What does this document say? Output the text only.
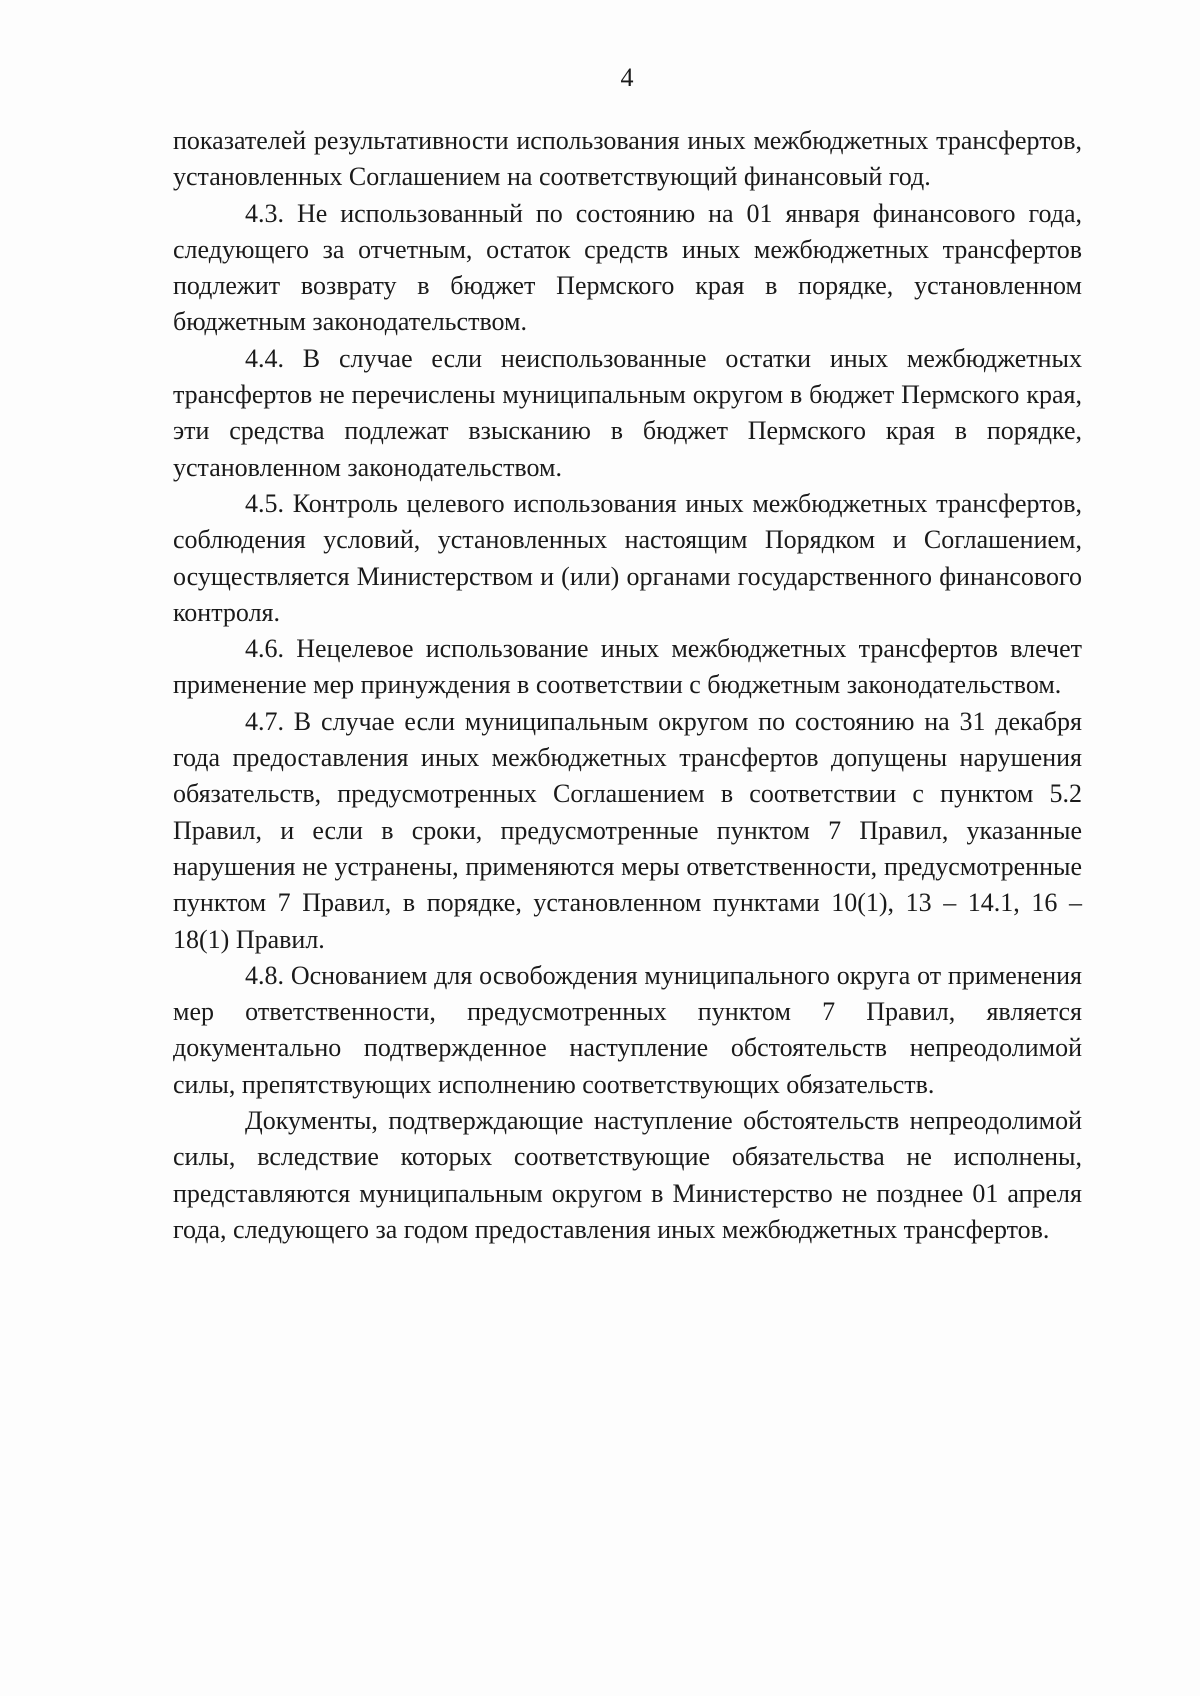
4

показателей результативности использования иных межбюджетных трансфертов, установленных Соглашением на соответствующий финансовый год.

4.3. Не использованный по состоянию на 01 января финансового года, следующего за отчетным, остаток средств иных межбюджетных трансфертов подлежит возврату в бюджет Пермского края в порядке, установленном бюджетным законодательством.

4.4. В случае если неиспользованные остатки иных межбюджетных трансфертов не перечислены муниципальным округом в бюджет Пермского края, эти средства подлежат взысканию в бюджет Пермского края в порядке, установленном законодательством.

4.5. Контроль целевого использования иных межбюджетных трансфертов, соблюдения условий, установленных настоящим Порядком и Соглашением, осуществляется Министерством и (или) органами государственного финансового контроля.

4.6. Нецелевое использование иных межбюджетных трансфертов влечет применение мер принуждения в соответствии с бюджетным законодательством.

4.7. В случае если муниципальным округом по состоянию на 31 декабря года предоставления иных межбюджетных трансфертов допущены нарушения обязательств, предусмотренных Соглашением в соответствии с пунктом 5.2 Правил, и если в сроки, предусмотренные пунктом 7 Правил, указанные нарушения не устранены, применяются меры ответственности, предусмотренные пунктом 7 Правил, в порядке, установленном пунктами 10(1), 13 – 14.1, 16 – 18(1) Правил.

4.8. Основанием для освобождения муниципального округа от применения мер ответственности, предусмотренных пунктом 7 Правил, является документально подтвержденное наступление обстоятельств непреодолимой силы, препятствующих исполнению соответствующих обязательств.

Документы, подтверждающие наступление обстоятельств непреодолимой силы, вследствие которых соответствующие обязательства не исполнены, представляются муниципальным округом в Министерство не позднее 01 апреля года, следующего за годом предоставления иных межбюджетных трансфертов.
